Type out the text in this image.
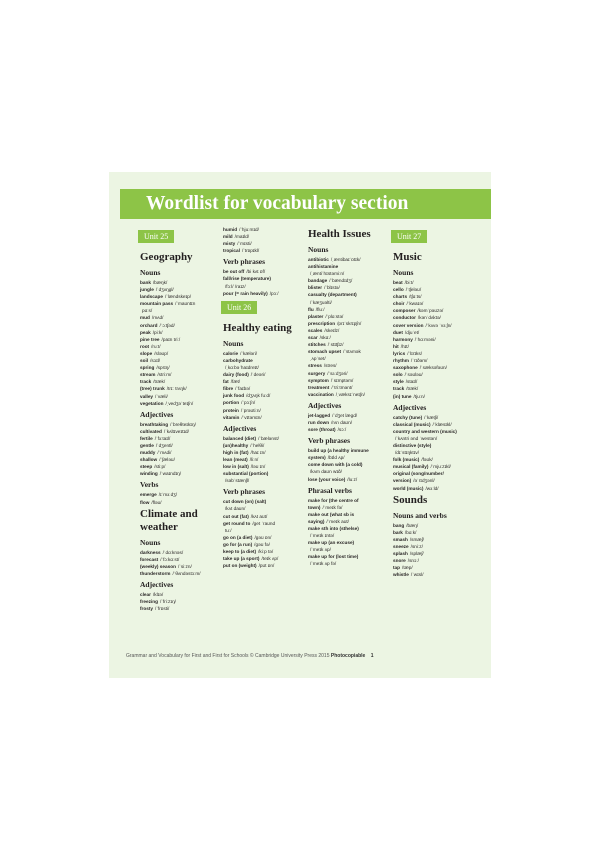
Wordlist for vocabulary section
Unit 25
Geography
Nouns
bank /bæŋk/
jungle /ˈdʒʌŋgl/
landscape /ˈlændskeɪp/
mountain pass /ˈmaʊntɪn
pɑːs/
mud /mʌd/
orchard /ˈɔːtʃəd/
peak /piːk/
pine tree /paɪn triː/
root /ruːt/
slope /sləʊp/
soil /sɔɪl/
spring /sprɪŋ/
stream /striːm/
track /træk/
(tree) trunk /trɪː trʌŋk/
valley /ˈvæli/
vegetation /ˌvedʒəˈteɪʃn/
Adjectives
breathtaking /ˈbreθteɪkɪŋ/
cultivated /ˈkʌltɪveɪtɪd/
fertile /ˈfɜːtaɪl/
gentle /ˈdʒentl/
muddy /ˈmʌdi/
shallow /ˈʃæləʊ/
steep /stiːp/
winding /ˈwaɪndɪŋ/
Verbs
emerge /ɪˈmɜːdʒ/
flow /fləʊ/
Climate and weather
Nouns
darkness /ˈdɑːknəs/
forecast /ˈfɔːkɑːst/
(weekly) season /ˈsiːzn/
thunderstorm /ˈθʌndəstɔːm/
Adjectives
clear /klɪə/
freezing /ˈfriːzɪŋ/
frosty /ˈfrɒsti/
humid /ˈhjuːmɪd/
mild /maɪld/
misty /ˈmɪsti/
tropical /ˈtrɒpɪkl/
Verb phrases
be out off /bi kʌt ɒf/
fall/rise (temperature)
/fɔːl/ /raɪz/
pour (= rain heavily) /pɔː/
Unit 26
Healthy eating
Nouns
calorie /ˈkæləri/
carbohydrate
/ˌkɑːbəˈhaɪdreɪt/
dairy (food) /ˈdeəri/
fat /fæt/
fibre /ˈfaɪbə/
junk food /dʒʌŋk fuːd/
portion /ˈpɔːʃn/
protein /ˈprəʊtiːn/
vitamin /ˈvɪtəmɪn/
Adjectives
balanced (diet) /ˈbælənst/
(un)healthy /ˈhelθi/
high in (fat) /haɪ ɪn/
lean (meat) /liːn/
low in (salt) /ləʊ ɪn/
substantial (portion)
/səbˈstænʃl/
Verb phrases
cut down (on) (salt)
/kʌt daʊn/
cut out (fat) /kʌt aʊt/
get round to /get ˈraʊnd
tuː/
go on (a diet) /gəʊ ɒn/
go for (a run) /gəʊ fə/
keep to (a diet) /kiːp tə/
take up (a sport) /teɪk ʌp/
put on (weight) /pʊt ɒn/
Health Issues
Nouns
antibiotic /ˌæntibaɪˈɒtɪk/
antihistamine
/ˌæntiˈhɪstəmiːn/
bandage /ˈbændɪdʒ/
blister /ˈblɪstə/
casualty (department)
/ˈkæʒuəlti/
flu /fluː/
plaster /ˈplɑːstə/
prescription /prɪˈskrɪpʃn/
scales /skeɪlz/
scar /skɑː/
stitches /ˈstɪtʃɪz/
stomach upset /ˈstʌmək
ˌʌpˈset/
stress /stres/
surgery /ˈsɜːdʒəri/
symptom /ˈsɪmptəm/
treatment /ˈtriːtmənt/
vaccination /ˌvæksɪˈneɪʃn/
Adjectives
jet-lagged /ˈdʒet lægd/
run down /rʌn daʊn/
sore (throat) /sɔː/
Verb phrases
build up (a healthy immune
system) /bɪld ʌp/
come down with (a cold)
/kʌm daʊn wɪð/
lose (your voice) /luːz/
Phrasal verbs
make for (the centre of
town) /ˈmeɪk fə/
make out (what sb is
saying) /ˈmeɪk aʊt/
make sth into (sthelse)
/ˈmeɪk ɪntə/
make up (an excuse)
/ˈmeɪk ʌp/
make up for (lost time)
/ˈmeɪk ʌp fə/
Unit 27
Music
Nouns
beat /biːt/
cello /ˈtʃeləʊ/
charts /tʃɑːts/
choir /ˈkwaɪə/
composer /kəmˈpəʊzə/
conductor /kənˈdʌktə/
cover version /ˈkʌvə ˈvɜːʃn/
duet /djuˈet/
harmony /ˈhɑːməni/
hit /hɪt/
lyrics /ˈlɪrɪks/
rhythm /ˈrɪðəm/
saxophone /ˈsæksəfəʊn/
solo /ˈsəʊləʊ/
style /staɪl/
track /træk/
(in) tune /tjuːn/
Adjectives
catchy (tune) /ˈkætʃi/
classical (music) /ˈklæsɪkl/
country and western (music)
/ˈkʌntri ənd ˈwestən/
distinctive (style)
/dɪˈstɪŋktɪv/
folk (music) /fəʊk/
musical (family) /ˈmjuːzɪkl/
original (song/number/
version) /əˈrɪdʒənl/
world (music) /wɜːld/
Sounds
Nouns and verbs
bang /bæŋ/
bark /bɑːk/
smash /smæʃ/
sneeze /sniːz/
splash /splæʃ/
snore /snɔː/
tap /tæp/
whistle /ˈwɪsl/
Grammar and Vocabulary for First and First for Schools © Cambridge University Press 2015 Photocopiable 1
